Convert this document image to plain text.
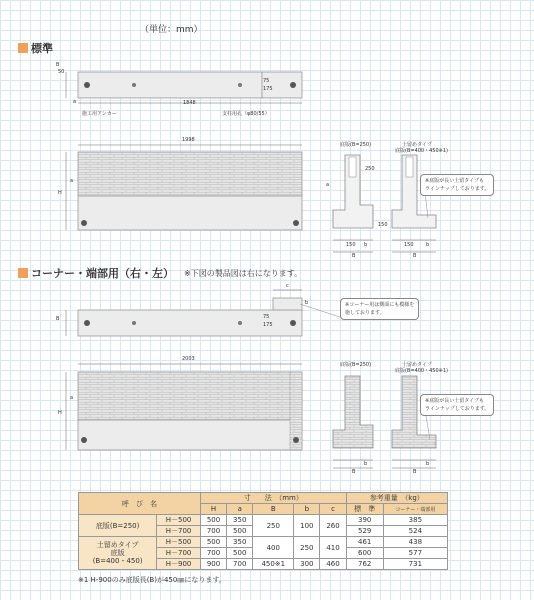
（単位：mm）
標準
コーナー・端部用（右・左） ※下図の製品図は右になります。
B
50
75
175
a	1848
施工用アンカー	支柱用孔（φ80/55）
1998
H
a
底版(B=250)
250
a
150
150 b
B
土留めタイプ
底版(B=400・450※1)
150 b
B
※底版が長い土留タイプも
ラインナップしております。
B
c
b
75
175
※コーナー用は側面にも模様を
施しております。
2003
H
a
底版(B=250)
b
B
土留めタイプ
底版(B=400・450※1)
b
B
※底版が長い土留タイプも
ラインナップしております。
呼　び　名		寸　　法　（mm）					参考重量　（kg）	
		H	a	B	b	c	標　準	コーナー・端部用
底版(B=250)	H－500	500	350	250	100	260	390	385
	H－700	700	500				529	524
土留めタイプ
底版
(B=400・450)	H－500	500	350	400	250	410	461	438
	H－700	700	500				600	577
	H－900	900	700	450※1	300	460	762	731
※1 H-900のみ底版長(B)が450㎜になります。
